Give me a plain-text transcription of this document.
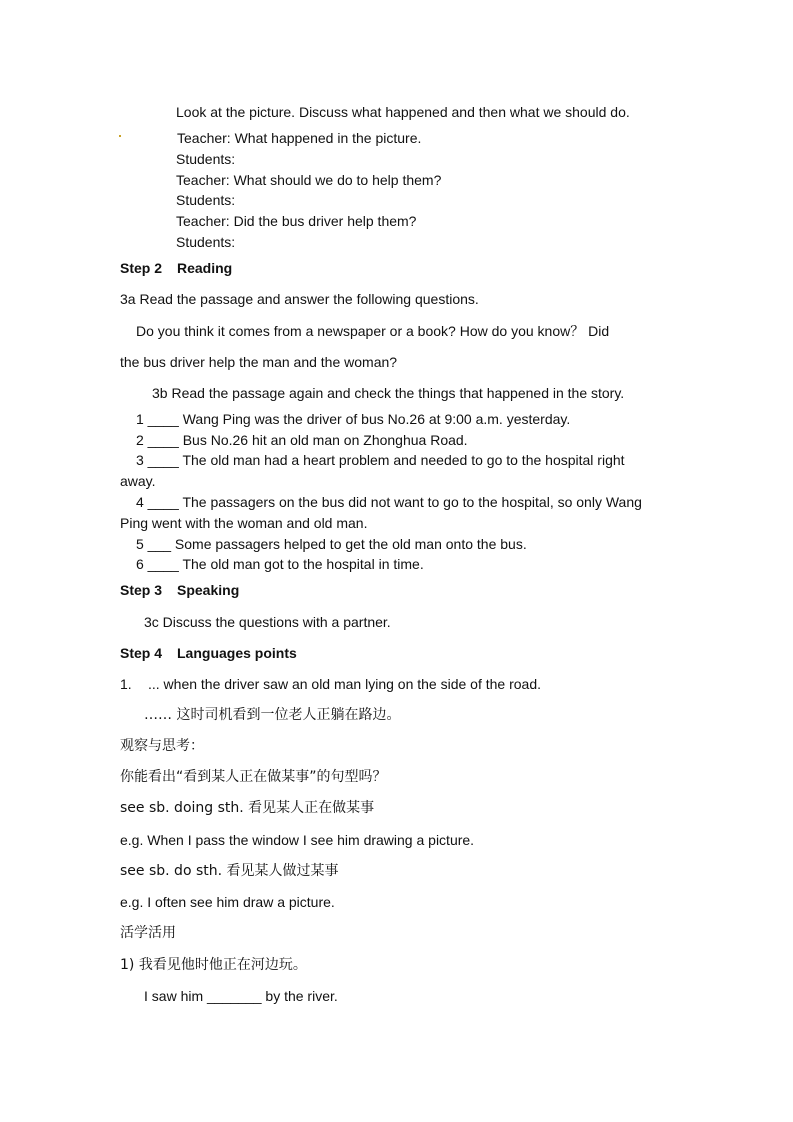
Look at the picture. Discuss what happened and then what we should do.
Teacher: What happened in the picture.
Students:
Teacher: What should we do to help them?
Students:
Teacher: Did the bus driver help them?
Students:
Step 2 Reading
3a Read the passage and answer the following questions.
Do you think it comes from a newspaper or a book? How do you know？ Did
the bus driver help the man and the woman?
3b Read the passage again and check the things that happened in the story.
1 ____ Wang Ping was the driver of bus No.26 at 9:00 a.m. yesterday.
2 ____ Bus No.26 hit an old man on Zhonghua Road.
3 ____ The old man had a heart problem and needed to go to the hospital right
away.
4 ____ The passagers on the bus did not want to go to the hospital, so only Wang
Ping went with the woman and old man.
5 ___ Some passagers helped to get the old man onto the bus.
6 ____ The old man got to the hospital in time.
Step 3 Speaking
3c Discuss the questions with a partner.
Step 4 Languages points
1. ... when the driver saw an old man lying on the side of the road.
…… 这时司机看到一位老人正躺在路边。
观察与思考：
你能看出“看到某人正在做某事”的句型吗？
see sb. doing sth. 看见某人正在做某事
e.g. When I pass the window I see him drawing a picture.
see sb. do sth. 看见某人做过某事
e.g. I often see him draw a picture.
活学活用
1) 我看见他时他正在河边玩。
I saw him _______ by the river.
